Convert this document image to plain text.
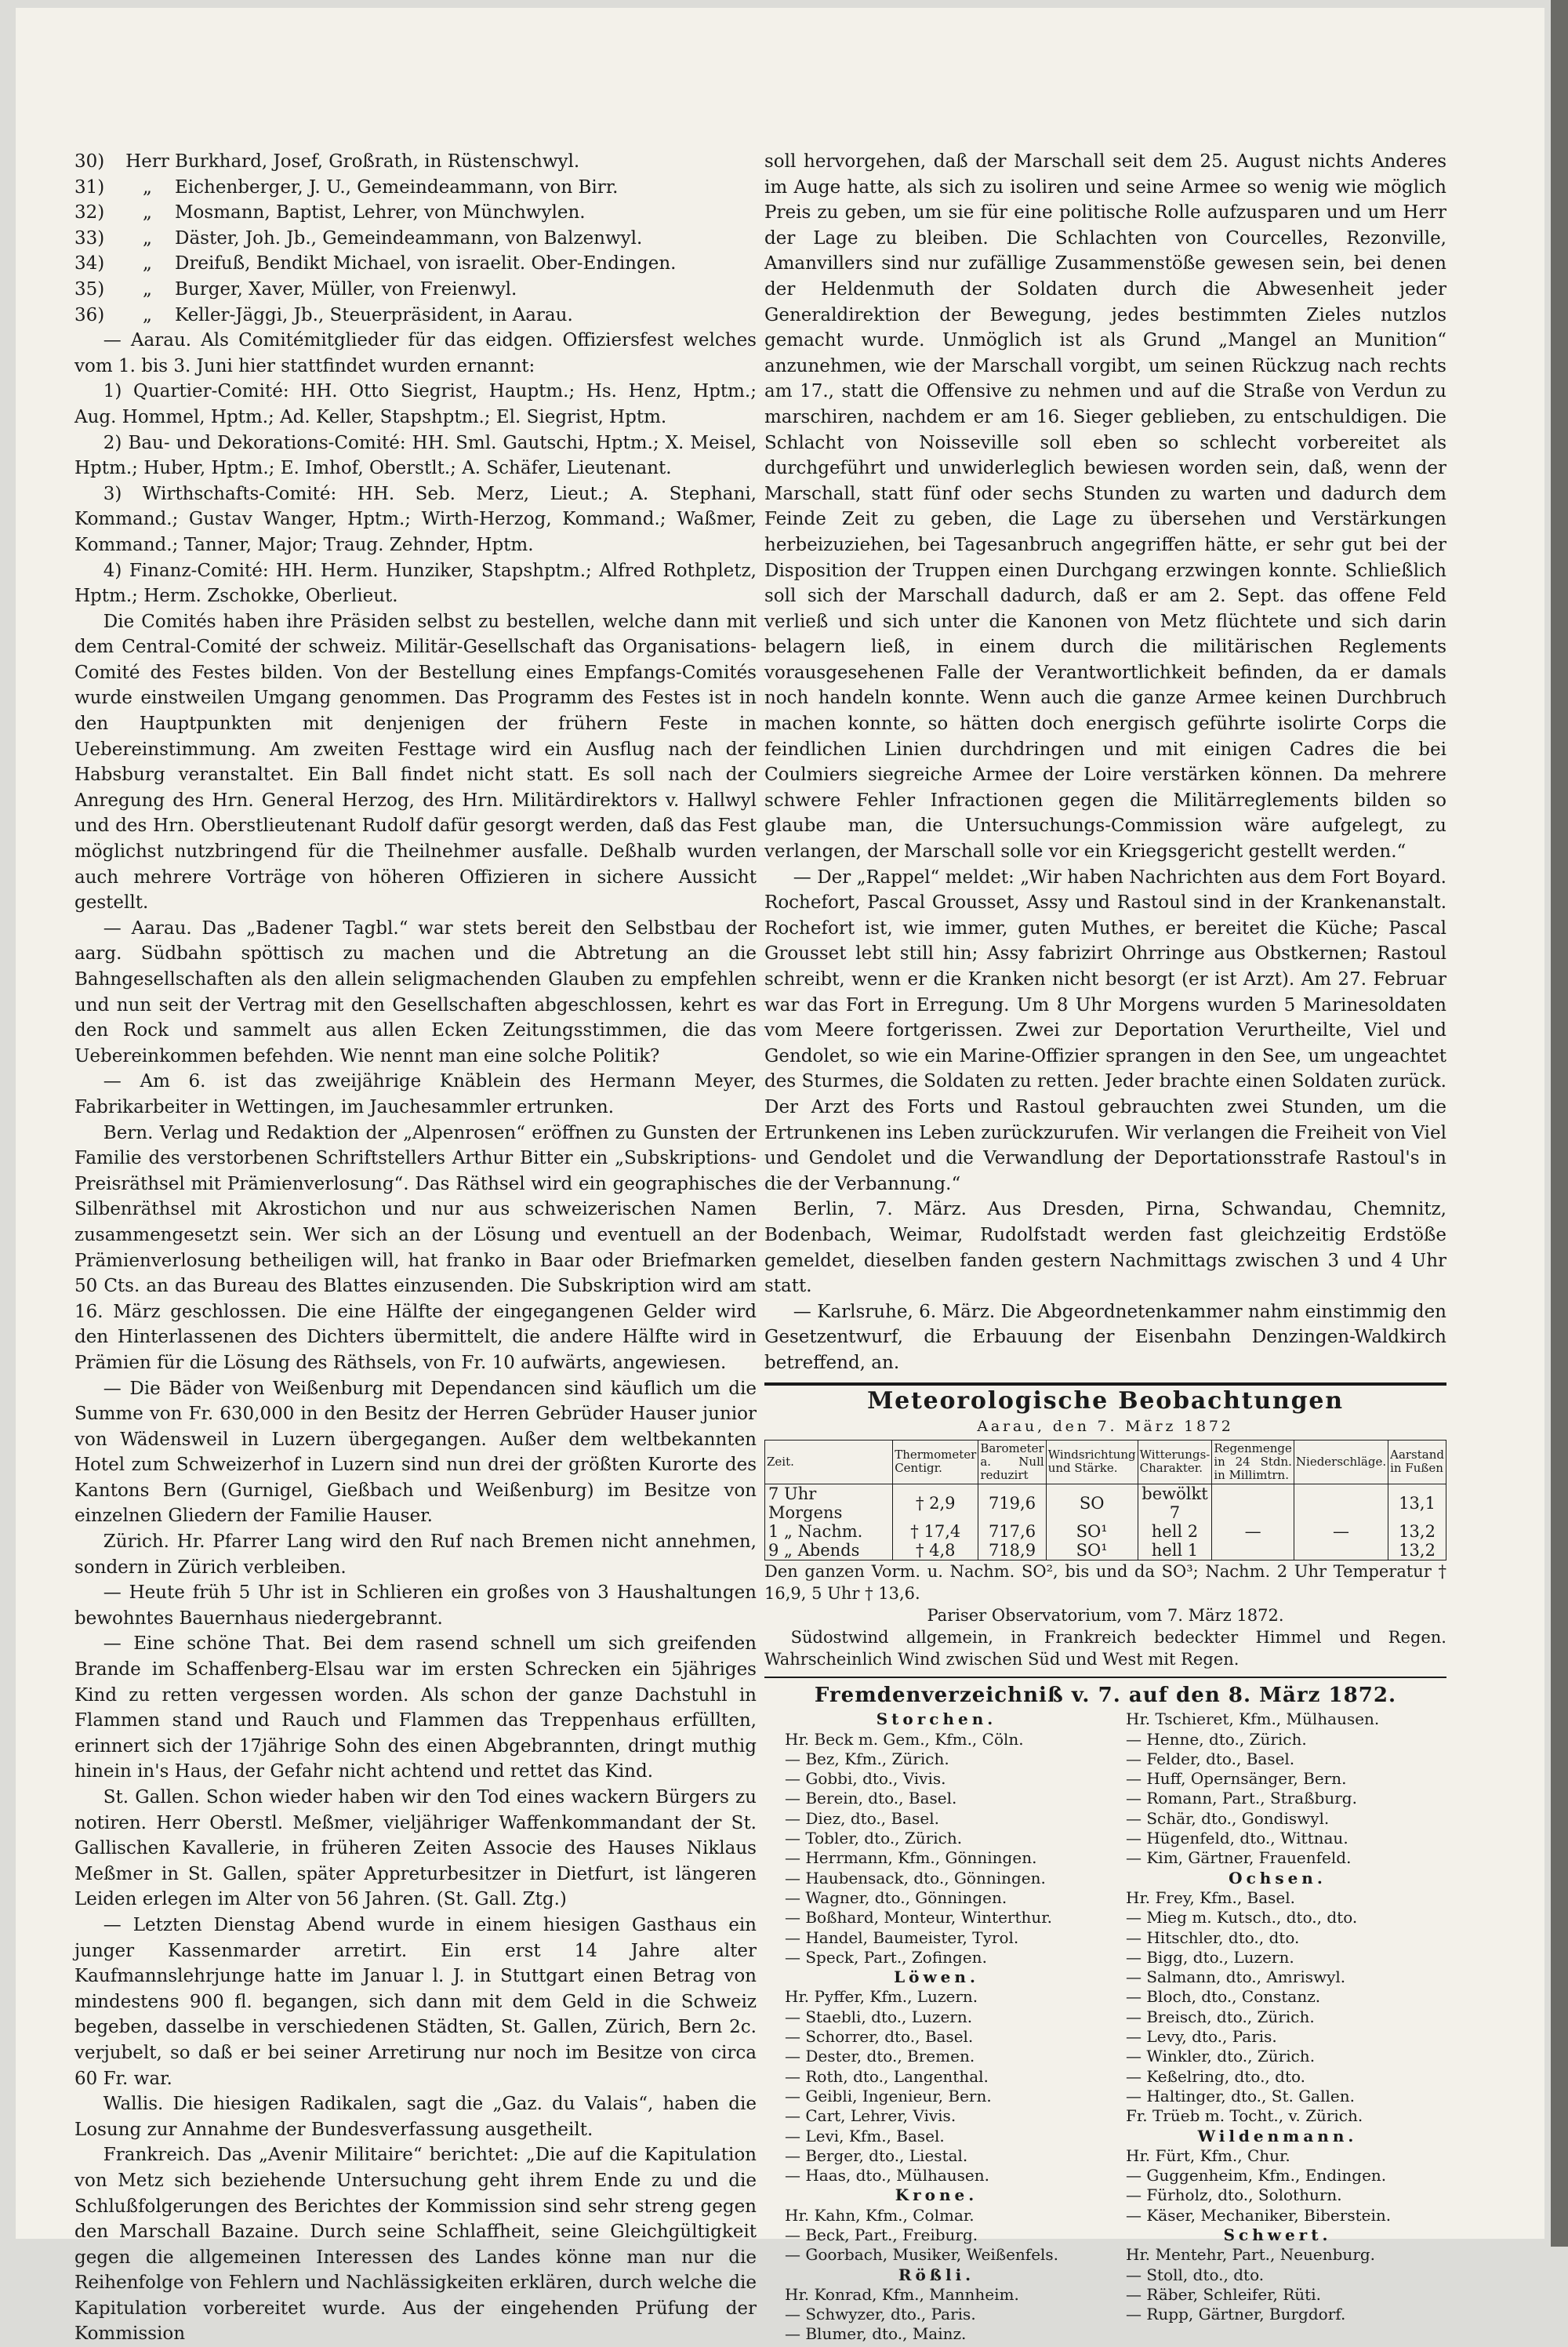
30)	Herr Burkhard, Josef, Großrath, in Rüstenschwyl.
31)	„	Eichenberger, J. U., Gemeindeammann, von Birr.
32)	„	Mosmann, Baptist, Lehrer, von Münchwylen.
33)	„	Däster, Joh. Jb., Gemeindeammann, von Balzenwyl.
34)	„	Dreifuß, Bendikt Michael, von israelit. Ober-Endingen.
35)	„	Burger, Xaver, Müller, von Freienwyl.
36)	„	Keller-Jäggi, Jb., Steuerpräsident, in Aarau.

— Aarau. Als Comitémitglieder für das eidgen. Offiziersfest welches vom 1. bis 3. Juni hier stattfindet wurden ernannt:

1) Quartier-Comité: HH. Otto Siegrist, Hauptm.; Hs. Henz, Hptm.; Aug. Hommel, Hptm.; Ad. Keller, Stapshptm.; El. Siegrist, Hptm.

2) Bau- und Dekorations-Comité: HH. Sml. Gautschi, Hptm.; X. Meisel, Hptm.; Huber, Hptm.; E. Imhof, Oberstlt.; A. Schäfer, Lieutenant.

3) Wirthschafts-Comité: HH. Seb. Merz, Lieut.; A. Stephani, Kommand.; Gustav Wanger, Hptm.; Wirth-Herzog, Kommand.; Waßmer, Kommand.; Tanner, Major; Traug. Zehnder, Hptm.

4) Finanz-Comité: HH. Herm. Hunziker, Stapshptm.; Alfred Rothpletz, Hptm.; Herm. Zschokke, Oberlieut.

Die Comités haben ihre Präsiden selbst zu bestellen, welche dann mit dem Central-Comité der schweiz. Militär-Gesellschaft das Organisations-Comité des Festes bilden. Von der Bestellung eines Empfangs-Comités wurde einstweilen Umgang genommen. Das Programm des Festes ist in den Hauptpunkten mit denjenigen der frühern Feste in Uebereinstimmung. Am zweiten Festtage wird ein Ausflug nach der Habsburg veranstaltet. Ein Ball findet nicht statt. Es soll nach der Anregung des Hrn. General Herzog, des Hrn. Militärdirektors v. Hallwyl und des Hrn. Oberstlieutenant Rudolf dafür gesorgt werden, daß das Fest möglichst nutzbringend für die Theilnehmer ausfalle. Deßhalb wurden auch mehrere Vorträge von höheren Offizieren in sichere Aussicht gestellt.

— Aarau. Das „Badener Tagbl.“ war stets bereit den Selbstbau der aarg. Südbahn spöttisch zu machen und die Abtretung an die Bahngesellschaften als den allein seligmachenden Glauben zu empfehlen und nun seit der Vertrag mit den Gesellschaften abgeschlossen, kehrt es den Rock und sammelt aus allen Ecken Zeitungsstimmen, die das Uebereinkommen befehden. Wie nennt man eine solche Politik?

— Am 6. ist das zweijährige Knäblein des Hermann Meyer, Fabrikarbeiter in Wettingen, im Jauchesammler ertrunken.

Bern. Verlag und Redaktion der „Alpenrosen“ eröffnen zu Gunsten der Familie des verstorbenen Schriftstellers Arthur Bitter ein „Subskriptions-Preisräthsel mit Prämienverlosung“. Das Räthsel wird ein geographisches Silbenräthsel mit Akrostichon und nur aus schweizerischen Namen zusammengesetzt sein. Wer sich an der Lösung und eventuell an der Prämienverlosung betheiligen will, hat franko in Baar oder Briefmarken 50 Cts. an das Bureau des Blattes einzusenden. Die Subskription wird am 16. März geschlossen. Die eine Hälfte der eingegangenen Gelder wird den Hinterlassenen des Dichters übermittelt, die andere Hälfte wird in Prämien für die Lösung des Räthsels, von Fr. 10 aufwärts, angewiesen.

— Die Bäder von Weißenburg mit Dependancen sind käuflich um die Summe von Fr. 630,000 in den Besitz der Herren Gebrüder Hauser junior von Wädensweil in Luzern übergegangen. Außer dem weltbekannten Hotel zum Schweizerhof in Luzern sind nun drei der größten Kurorte des Kantons Bern (Gurnigel, Gießbach und Weißenburg) im Besitze von einzelnen Gliedern der Familie Hauser.

Zürich. Hr. Pfarrer Lang wird den Ruf nach Bremen nicht annehmen, sondern in Zürich verbleiben.

— Heute früh 5 Uhr ist in Schlieren ein großes von 3 Haushaltungen bewohntes Bauernhaus niedergebrannt.

— Eine schöne That. Bei dem rasend schnell um sich greifenden Brande im Schaffenberg-Elsau war im ersten Schrecken ein 5jähriges Kind zu retten vergessen worden. Als schon der ganze Dachstuhl in Flammen stand und Rauch und Flammen das Treppenhaus erfüllten, erinnert sich der 17jährige Sohn des einen Abgebrannten, dringt muthig hinein in's Haus, der Gefahr nicht achtend und rettet das Kind.

St. Gallen. Schon wieder haben wir den Tod eines wackern Bürgers zu notiren. Herr Oberstl. Meßmer, vieljähriger Waffenkommandant der St. Gallischen Kavallerie, in früheren Zeiten Associe des Hauses Niklaus Meßmer in St. Gallen, später Appreturbesitzer in Dietfurt, ist längeren Leiden erlegen im Alter von 56 Jahren. (St. Gall. Ztg.)

— Letzten Dienstag Abend wurde in einem hiesigen Gasthaus ein junger Kassenmarder arretirt. Ein erst 14 Jahre alter Kaufmannslehrjunge hatte im Januar l. J. in Stuttgart einen Betrag von mindestens 900 fl. begangen, sich dann mit dem Geld in die Schweiz begeben, dasselbe in verschiedenen Städten, St. Gallen, Zürich, Bern 2c. verjubelt, so daß er bei seiner Arretirung nur noch im Besitze von circa 60 Fr. war.

Wallis. Die hiesigen Radikalen, sagt die „Gaz. du Valais“, haben die Losung zur Annahme der Bundesverfassung ausgetheilt.

Frankreich. Das „Avenir Militaire“ berichtet: „Die auf die Kapitulation von Metz sich beziehende Untersuchung geht ihrem Ende zu und die Schlußfolgerungen des Berichtes der Kommission sind sehr streng gegen den Marschall Bazaine. Durch seine Schlaffheit, seine Gleichgültigkeit gegen die allgemeinen Interessen des Landes könne man nur die Reihenfolge von Fehlern und Nachlässigkeiten erklären, durch welche die Kapitulation vorbereitet wurde. Aus der eingehenden Prüfung der Kommission

soll hervorgehen, daß der Marschall seit dem 25. August nichts Anderes im Auge hatte, als sich zu isoliren und seine Armee so wenig wie möglich Preis zu geben, um sie für eine politische Rolle aufzusparen und um Herr der Lage zu bleiben. Die Schlachten von Courcelles, Rezonville, Amanvillers sind nur zufällige Zusammenstöße gewesen sein, bei denen der Heldenmuth der Soldaten durch die Abwesenheit jeder Generaldirektion der Bewegung, jedes bestimmten Zieles nutzlos gemacht wurde. Unmöglich ist als Grund „Mangel an Munition“ anzunehmen, wie der Marschall vorgibt, um seinen Rückzug nach rechts am 17., statt die Offensive zu nehmen und auf die Straße von Verdun zu marschiren, nachdem er am 16. Sieger geblieben, zu entschuldigen. Die Schlacht von Noisseville soll eben so schlecht vorbereitet als durchgeführt und unwiderleglich bewiesen worden sein, daß, wenn der Marschall, statt fünf oder sechs Stunden zu warten und dadurch dem Feinde Zeit zu geben, die Lage zu übersehen und Verstärkungen herbeizuziehen, bei Tagesanbruch angegriffen hätte, er sehr gut bei der Disposition der Truppen einen Durchgang erzwingen konnte. Schließlich soll sich der Marschall dadurch, daß er am 2. Sept. das offene Feld verließ und sich unter die Kanonen von Metz flüchtete und sich darin belagern ließ, in einem durch die militärischen Reglements vorausgesehenen Falle der Verantwortlichkeit befinden, da er damals noch handeln konnte. Wenn auch die ganze Armee keinen Durchbruch machen konnte, so hätten doch energisch geführte isolirte Corps die feindlichen Linien durchdringen und mit einigen Cadres die bei Coulmiers siegreiche Armee der Loire verstärken können. Da mehrere schwere Fehler Infractionen gegen die Militärreglements bilden so glaube man, die Untersuchungs-Commission wäre aufgelegt, zu verlangen, der Marschall solle vor ein Kriegsgericht gestellt werden.“

— Der „Rappel“ meldet: „Wir haben Nachrichten aus dem Fort Boyard. Rochefort, Pascal Grousset, Assy und Rastoul sind in der Krankenanstalt. Rochefort ist, wie immer, guten Muthes, er bereitet die Küche; Pascal Grousset lebt still hin; Assy fabrizirt Ohrringe aus Obstkernen; Rastoul schreibt, wenn er die Kranken nicht besorgt (er ist Arzt). Am 27. Februar war das Fort in Erregung. Um 8 Uhr Morgens wurden 5 Marinesoldaten vom Meere fortgerissen. Zwei zur Deportation Verurtheilte, Viel und Gendolet, so wie ein Marine-Offizier sprangen in den See, um ungeachtet des Sturmes, die Soldaten zu retten. Jeder brachte einen Soldaten zurück. Der Arzt des Forts und Rastoul gebrauchten zwei Stunden, um die Ertrunkenen ins Leben zurückzurufen. Wir verlangen die Freiheit von Viel und Gendolet und die Verwandlung der Deportationsstrafe Rastoul's in die der Verbannung.“

Berlin, 7. März. Aus Dresden, Pirna, Schwandau, Chemnitz, Bodenbach, Weimar, Rudolfstadt werden fast gleichzeitig Erdstöße gemeldet, dieselben fanden gestern Nachmittags zwischen 3 und 4 Uhr statt.

— Karlsruhe, 6. März. Die Abgeordnetenkammer nahm einstimmig den Gesetzentwurf, die Erbauung der Eisenbahn Denzingen-Waldkirch betreffend, an.

Meteorologische Beobachtungen
Aarau, den 7. März 1872
Zeit.	Thermometer Centigr.	Barometer a. Null reduzirt	Windsrichtung und Stärke.	Witterungs-Charakter.	Regenmenge in 24 Stdn. in Millimtrn.	Niederschläge.	Aarstand in Fußen
7 Uhr Morgens	† 2,9	719,6	SO	bewölkt 7			13,1
1 „ Nachm.	† 17,4	717,6	SO¹	hell 2	—	—	13,2
9 „ Abends	† 4,8	718,9	SO¹	hell 1			13,2
Den ganzen Vorm. u. Nachm. SO², bis und da SO³; Nachm. 2 Uhr Temperatur † 16,9, 5 Uhr † 13,6.
Pariser Observatorium, vom 7. März 1872.
Südostwind allgemein, in Frankreich bedeckter Himmel und Regen. Wahrscheinlich Wind zwischen Süd und West mit Regen.
Fremdenverzeichniß v. 7. auf den 8. März 1872.
Storchen.
Hr. Beck m. Gem., Kfm., Cöln.
— Bez, Kfm., Zürich.
— Gobbi, dto., Vivis.
— Berein, dto., Basel.
— Diez, dto., Basel.
— Tobler, dto., Zürich.
— Herrmann, Kfm., Gönningen.
— Haubensack, dto., Gönningen.
— Wagner, dto., Gönningen.
— Boßhard, Monteur, Winterthur.
— Handel, Baumeister, Tyrol.
— Speck, Part., Zofingen.
Löwen.
Hr. Pyffer, Kfm., Luzern.
— Staebli, dto., Luzern.
— Schorrer, dto., Basel.
— Dester, dto., Bremen.
— Roth, dto., Langenthal.
— Geibli, Ingenieur, Bern.
— Cart, Lehrer, Vivis.
— Levi, Kfm., Basel.
— Berger, dto., Liestal.
— Haas, dto., Mülhausen.
Krone.
Hr. Kahn, Kfm., Colmar.
— Beck, Part., Freiburg.
— Goorbach, Musiker, Weißenfels.
Rößli.
Hr. Konrad, Kfm., Mannheim.
— Schwyzer, dto., Paris.
— Blumer, dto., Mainz.
Hr. Tschieret, Kfm., Mülhausen.
— Henne, dto., Zürich.
— Felder, dto., Basel.
— Huff, Opernsänger, Bern.
— Romann, Part., Straßburg.
— Schär, dto., Gondiswyl.
— Hügenfeld, dto., Wittnau.
— Kim, Gärtner, Frauenfeld.
Ochsen.
Hr. Frey, Kfm., Basel.
— Mieg m. Kutsch., dto., dto.
— Hitschler, dto., dto.
— Bigg, dto., Luzern.
— Salmann, dto., Amriswyl.
— Bloch, dto., Constanz.
— Breisch, dto., Zürich.
— Levy, dto., Paris.
— Winkler, dto., Zürich.
— Keßelring, dto., dto.
— Haltinger, dto., St. Gallen.
Fr. Trüeb m. Tocht., v. Zürich.
Wildenmann.
Hr. Fürt, Kfm., Chur.
— Guggenheim, Kfm., Endingen.
— Fürholz, dto., Solothurn.
— Käser, Mechaniker, Biberstein.
Schwert.
Hr. Mentehr, Part., Neuenburg.
— Stoll, dto., dto.
— Räber, Schleifer, Rüti.
— Rupp, Gärtner, Burgdorf.
